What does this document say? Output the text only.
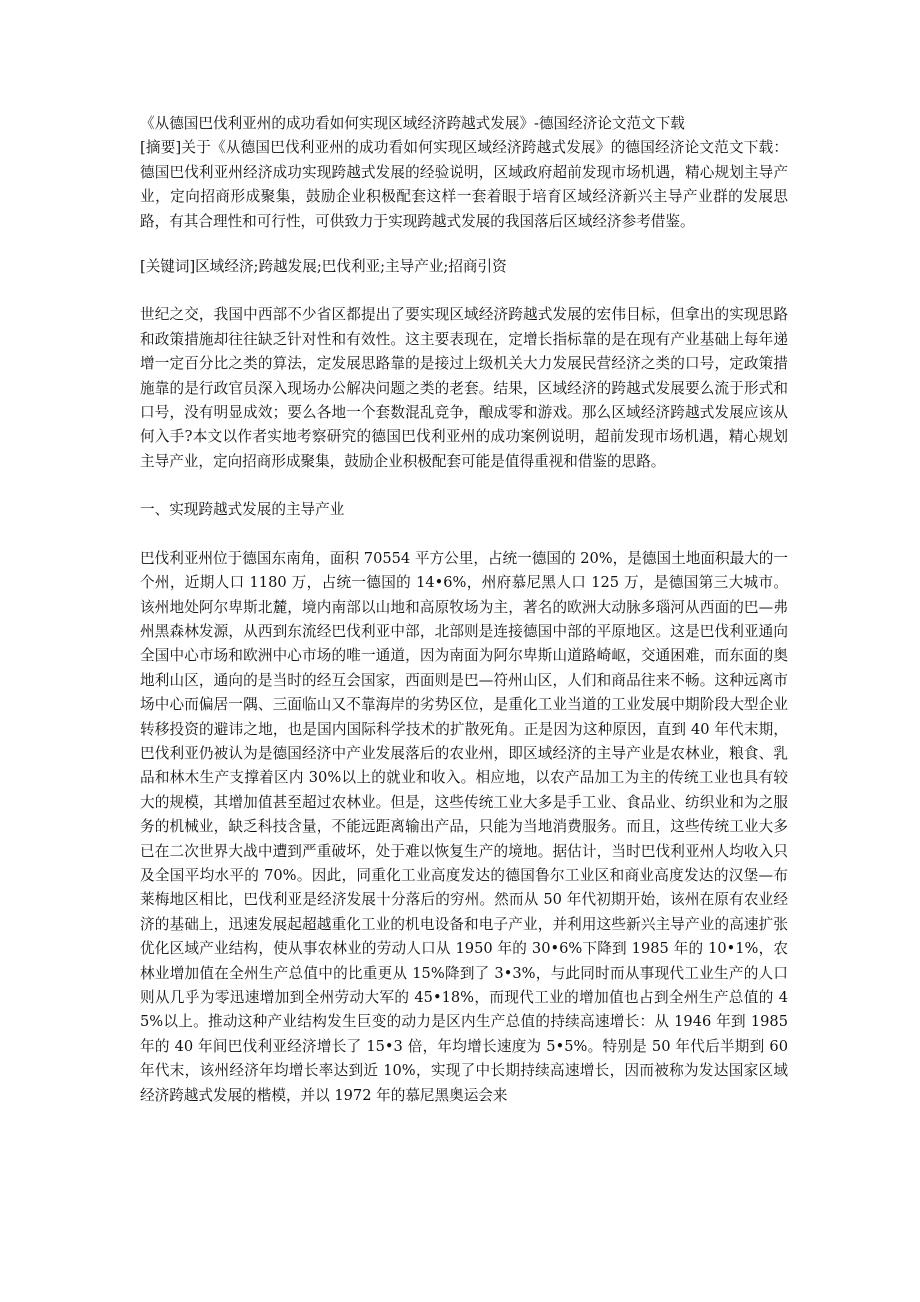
《从德国巴伐利亚州的成功看如何实现区域经济跨越式发展》-德国经济论文范文下载

[摘要]关于《从德国巴伐利亚州的成功看如何实现区域经济跨越式发展》的德国经济论文范文下载：德国巴伐利亚州经济成功实现跨越式发展的经验说明，区域政府超前发现市场机遇，精心规划主导产业，定向招商形成聚集，鼓励企业积极配套这样一套着眼于培育区域经济新兴主导产业群的发展思路，有其合理性和可行性，可供致力于实现跨越式发展的我国落后区域经济参考借鉴。

[关键词]区域经济;跨越发展;巴伐利亚;主导产业;招商引资

世纪之交，我国中西部不少省区都提出了要实现区域经济跨越式发展的宏伟目标，但拿出的实现思路和政策措施却往往缺乏针对性和有效性。这主要表现在，定增长指标靠的是在现有产业基础上每年递增一定百分比之类的算法，定发展思路靠的是接过上级机关大力发展民营经济之类的口号，定政策措施靠的是行政官员深入现场办公解决问题之类的老套。结果，区域经济的跨越式发展要么流于形式和口号，没有明显成效；要么各地一个套数混乱竞争，酿成零和游戏。那么区域经济跨越式发展应该从何入手?本文以作者实地考察研究的德国巴伐利亚州的成功案例说明，超前发现市场机遇，精心规划主导产业，定向招商形成聚集，鼓励企业积极配套可能是值得重视和借鉴的思路。

一、实现跨越式发展的主导产业

巴伐利亚州位于德国东南角，面积 70554 平方公里，占统一德国的 20%，是德国土地面积最大的一个州，近期人口 1180 万，占统一德国的 14•6%，州府慕尼黑人口 125 万，是德国第三大城市。该州地处阿尔卑斯北麓，境内南部以山地和高原牧场为主，著名的欧洲大动脉多瑙河从西面的巴—弗州黑森林发源，从西到东流经巴伐利亚中部，北部则是连接德国中部的平原地区。这是巴伐利亚通向全国中心市场和欧洲中心市场的唯一通道，因为南面为阿尔卑斯山道路崎岖，交通困难，而东面的奥地利山区，通向的是当时的经互会国家，西面则是巴—符州山区，人们和商品往来不畅。这种远离市场中心而偏居一隅、三面临山又不靠海岸的劣势区位，是重化工业当道的工业发展中期阶段大型企业转移投资的避讳之地，也是国内国际科学技术的扩散死角。正是因为这种原因，直到 40 年代末期，巴伐利亚仍被认为是德国经济中产业发展落后的农业州，即区域经济的主导产业是农林业，粮食、乳品和林木生产支撑着区内 30%以上的就业和收入。相应地，以农产品加工为主的传统工业也具有较大的规模，其增加值甚至超过农林业。但是，这些传统工业大多是手工业、食品业、纺织业和为之服务的机械业，缺乏科技含量，不能远距离输出产品，只能为当地消费服务。而且，这些传统工业大多已在二次世界大战中遭到严重破坏，处于难以恢复生产的境地。据估计，当时巴伐利亚州人均收入只及全国平均水平的 70%。因此，同重化工业高度发达的德国鲁尔工业区和商业高度发达的汉堡—布莱梅地区相比，巴伐利亚是经济发展十分落后的穷州。然而从 50 年代初期开始，该州在原有农业经济的基础上，迅速发展起超越重化工业的机电设备和电子产业，并利用这些新兴主导产业的高速扩张优化区域产业结构，使从事农林业的劳动人口从 1950 年的 30•6%下降到 1985 年的 10•1%，农林业增加值在全州生产总值中的比重更从 15%降到了 3•3%，与此同时而从事现代工业生产的人口则从几乎为零迅速增加到全州劳动大军的 45•18%，而现代工业的增加值也占到全州生产总值的 45%以上。推动这种产业结构发生巨变的动力是区内生产总值的持续高速增长：从 1946 年到 1985 年的 40 年间巴伐利亚经济增长了 15•3 倍，年均增长速度为 5•5%。特别是 50 年代后半期到 60 年代末，该州经济年均增长率达到近 10%，实现了中长期持续高速增长，因而被称为发达国家区域经济跨越式发展的楷模，并以 1972 年的慕尼黑奥运会来
